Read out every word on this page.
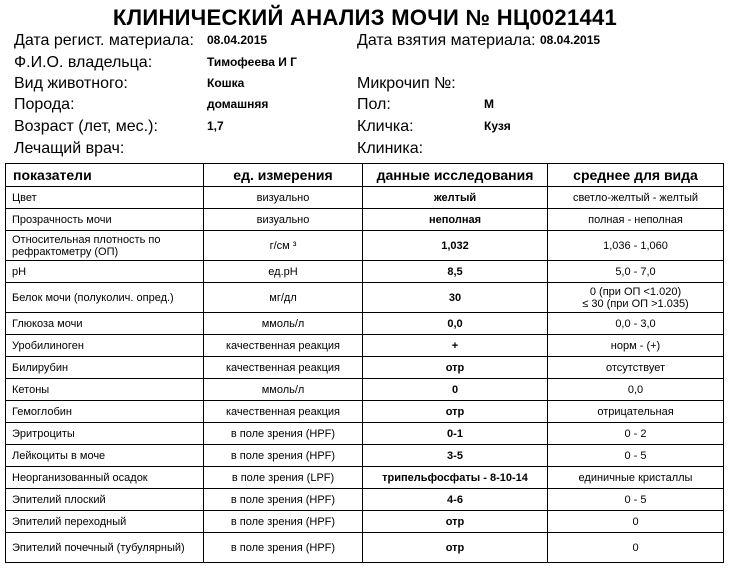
КЛИНИЧЕСКИЙ АНАЛИЗ МОЧИ № НЦ0021441
Дата регист. материала: 08.04.2015	Дата взятия материала: 08.04.2015
Ф.И.О. владельца:	Тимофеева И Г
Вид животного:	Кошка	Микрочип №:
Порода:	домашняя	Пол:	М
Возраст (лет, мес.):	1,7	Кличка:	Кузя
Лечащий врач:	Клиника:
показатели	ед. измерения	данные исследования	среднее для вида
Цвет	визуально	желтый	светло-желтый - желтый
Прозрачность мочи	визуально	неполная	полная - неполная
Относительная плотность по рефрактометру (ОП)	г/см ³	1,032	1,036 - 1,060
pH	ед.pH	8,5	5,0 - 7,0
Белок мочи (полуколич. опред.)	мг/дл	30	0 (при ОП <1.020)
≤ 30 (при ОП >1.035)
Глюкоза мочи	ммоль/л	0,0	0,0 - 3,0
Уробилиноген	качественная реакция	+	норм - (+)
Билирубин	качественная реакция	отр	отсутствует
Кетоны	ммоль/л	0	0,0
Гемоглобин	качественная реакция	отр	отрицательная
Эритроциты	в поле зрения (HPF)	0-1	0 - 2
Лейкоциты в моче	в поле зрения (HPF)	3-5	0 - 5
Неорганизованный осадок	в поле зрения (LPF)	трипельфосфаты - 8-10-14	единичные кристаллы
Эпителий плоский	в поле зрения (HPF)	4-6	0 - 5
Эпителий переходный	в поле зрения (HPF)	отр	0
Эпителий почечный (тубулярный)	в поле зрения (HPF)	отр	0
